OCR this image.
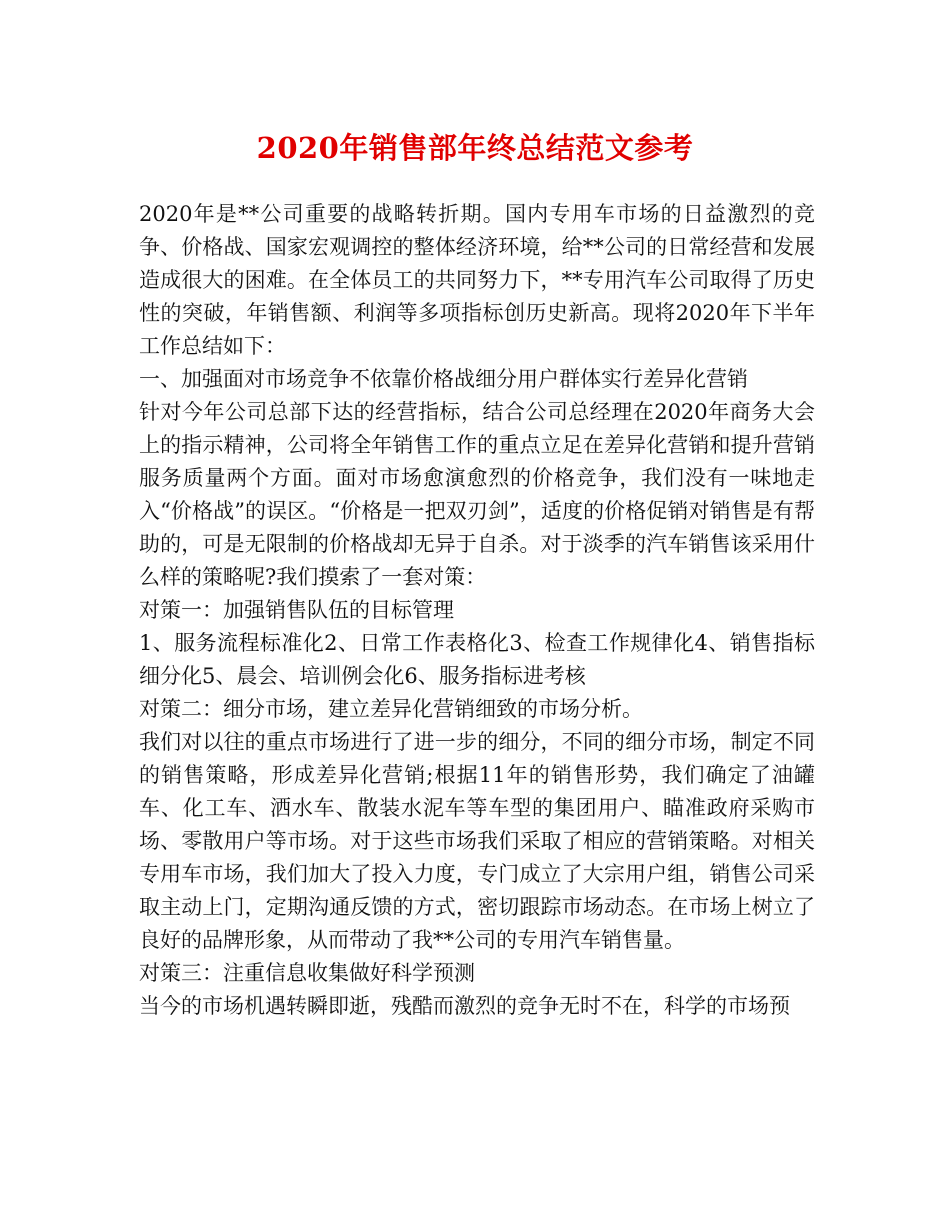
2020年销售部年终总结范文参考

2020年是**公司重要的战略转折期。国内专用车市场的日益激烈的竞争、价格战、国家宏观调控的整体经济环境，给**公司的日常经营和发展造成很大的困难。在全体员工的共同努力下，**专用汽车公司取得了历史性的突破，年销售额、利润等多项指标创历史新高。现将2020年下半年工作总结如下：

一、加强面对市场竞争不依靠价格战细分用户群体实行差异化营销

针对今年公司总部下达的经营指标，结合公司总经理在2020年商务大会上的指示精神，公司将全年销售工作的重点立足在差异化营销和提升营销服务质量两个方面。面对市场愈演愈烈的价格竞争，我们没有一味地走入“价格战”的误区。“价格是一把双刃剑”，适度的价格促销对销售是有帮助的，可是无限制的价格战却无异于自杀。对于淡季的汽车销售该采用什么样的策略呢?我们摸索了一套对策：

对策一：加强销售队伍的目标管理

1、服务流程标准化2、日常工作表格化3、检查工作规律化4、销售指标细分化5、晨会、培训例会化6、服务指标进考核

对策二：细分市场，建立差异化营销细致的市场分析。

我们对以往的重点市场进行了进一步的细分，不同的细分市场，制定不同的销售策略，形成差异化营销;根据11年的销售形势，我们确定了油罐车、化工车、洒水车、散装水泥车等车型的集团用户、瞄准政府采购市场、零散用户等市场。对于这些市场我们采取了相应的营销策略。对相关专用车市场，我们加大了投入力度，专门成立了大宗用户组，销售公司采取主动上门，定期沟通反馈的方式，密切跟踪市场动态。在市场上树立了良好的品牌形象，从而带动了我**公司的专用汽车销售量。

对策三：注重信息收集做好科学预测

当今的市场机遇转瞬即逝，残酷而激烈的竞争无时不在，科学的市场预
